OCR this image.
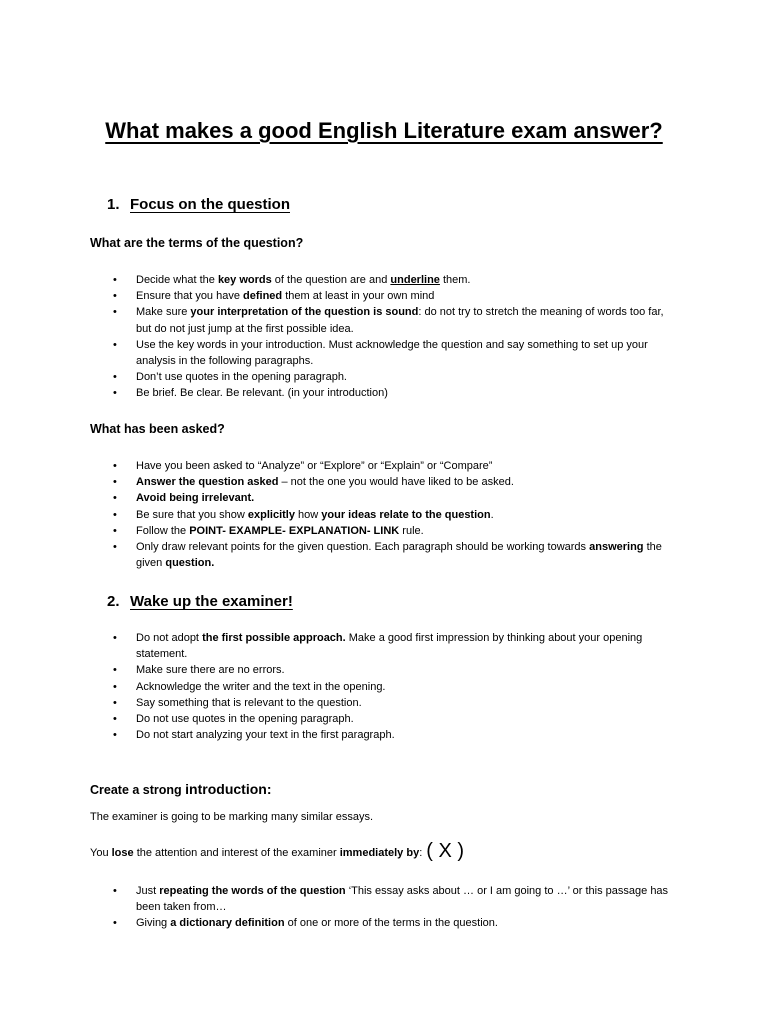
What makes a good English Literature exam answer?
1. Focus on the question
What are the terms of the question?
• Decide what the key words of the question are and underline them.
• Ensure that you have defined them at least in your own mind
• Make sure your interpretation of the question is sound: do not try to stretch the meaning of words too far, but do not just jump at the first possible idea.
• Use the key words in your introduction. Must acknowledge the question and say something to set up your analysis in the following paragraphs.
• Don’t use quotes in the opening paragraph.
• Be brief. Be clear. Be relevant. (in your introduction)
What has been asked?
• Have you been asked to “Analyze” or “Explore” or “Explain” or “Compare”
• Answer the question asked – not the one you would have liked to be asked.
• Avoid being irrelevant.
• Be sure that you show explicitly how your ideas relate to the question.
• Follow the POINT- EXAMPLE- EXPLANATION- LINK rule.
• Only draw relevant points for the given question. Each paragraph should be working towards answering the given question.
2. Wake up the examiner!
• Do not adopt the first possible approach. Make a good first impression by thinking about your opening statement.
• Make sure there are no errors.
• Acknowledge the writer and the text in the opening.
• Say something that is relevant to the question.
• Do not use quotes in the opening paragraph.
• Do not start analyzing your text in the first paragraph.
Create a strong introduction:
The examiner is going to be marking many similar essays.
You lose the attention and interest of the examiner immediately by: ( X )
• Just repeating the words of the question ‘This essay asks about … or I am going to …’ or this passage has been taken from…
• Giving a dictionary definition of one or more of the terms in the question.
